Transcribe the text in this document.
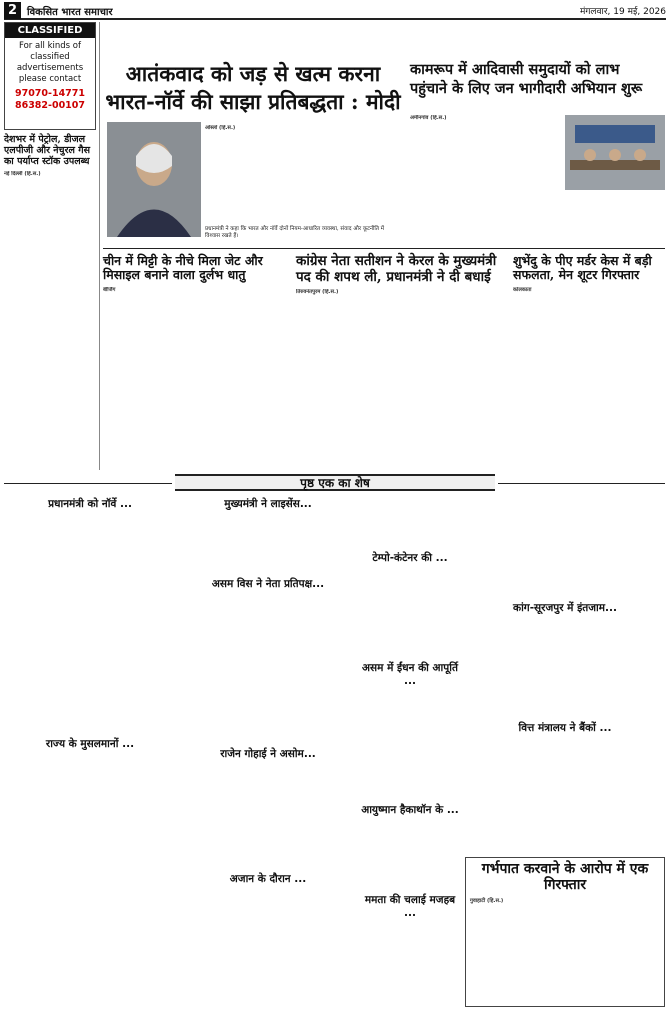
2 विकसित भारत समाचार	मंगलवार, 19 मई, 2026
CLASSIFIED
For all kinds of classified advertisements please contact
97070-14771
86382-00107
देशभर में पेट्रोल, डीजल एलपीजी और नेचुरल गैस का पर्याप्त स्टॉक उपलब्ध
नई दिल्ली (हि.स.)
आतंकवाद को जड़ से खत्म करना
भारत-नॉर्वे की साझा प्रतिबद्धता : मोदी
प्रधानमंत्री ने कहा कि भारत और नॉर्वे दोनों नियम-आधारित व्यवस्था, संवाद और कूटनीति में विश्वास रखते हैं।
ओस्लो (हि.स.)
कामरूप में आदिवासी समुदायों को लाभ
पहुंचाने के लिए जन भागीदारी अभियान शुरू
अमीनगांव (हि.स.)
चीन में मिट्टी के नीचे मिला जेट और मिसाइल बनाने वाला दुर्लभ धातु
बीजिंग
कांग्रेस नेता सतीशन ने केरल के मुख्यमंत्री पद की शपथ ली, प्रधानमंत्री ने दी बधाई
तिरुवनंतपुरम (हि.स.)
शुभेंदु के पीए मर्डर केस में बड़ी सफलता, मेन शूटर गिरफ्तार
कोलकाता
पृष्ठ एक का शेष
प्रधानमंत्री को नॉर्वे ...
राज्य के मुसलमानों ...
मुख्यमंत्री ने लाइसेंस...
असम विस ने नेता प्रतिपक्ष...
राजेन गोहाई ने असोम...
अजान के दौरान ...
टेम्पो-कंटेनर की ...
असम में ईंधन की आपूर्ति ...
आयुष्मान हैकाथॉन के ...
ममता की चलाई मजहब ...
कांग-सूरजपुर में इंतजाम...
वित्त मंत्रालय ने बैंकों ...
गर्भपात करवाने के आरोप में एक गिरफ्तार
गुवाहाटी (हि.स.)
